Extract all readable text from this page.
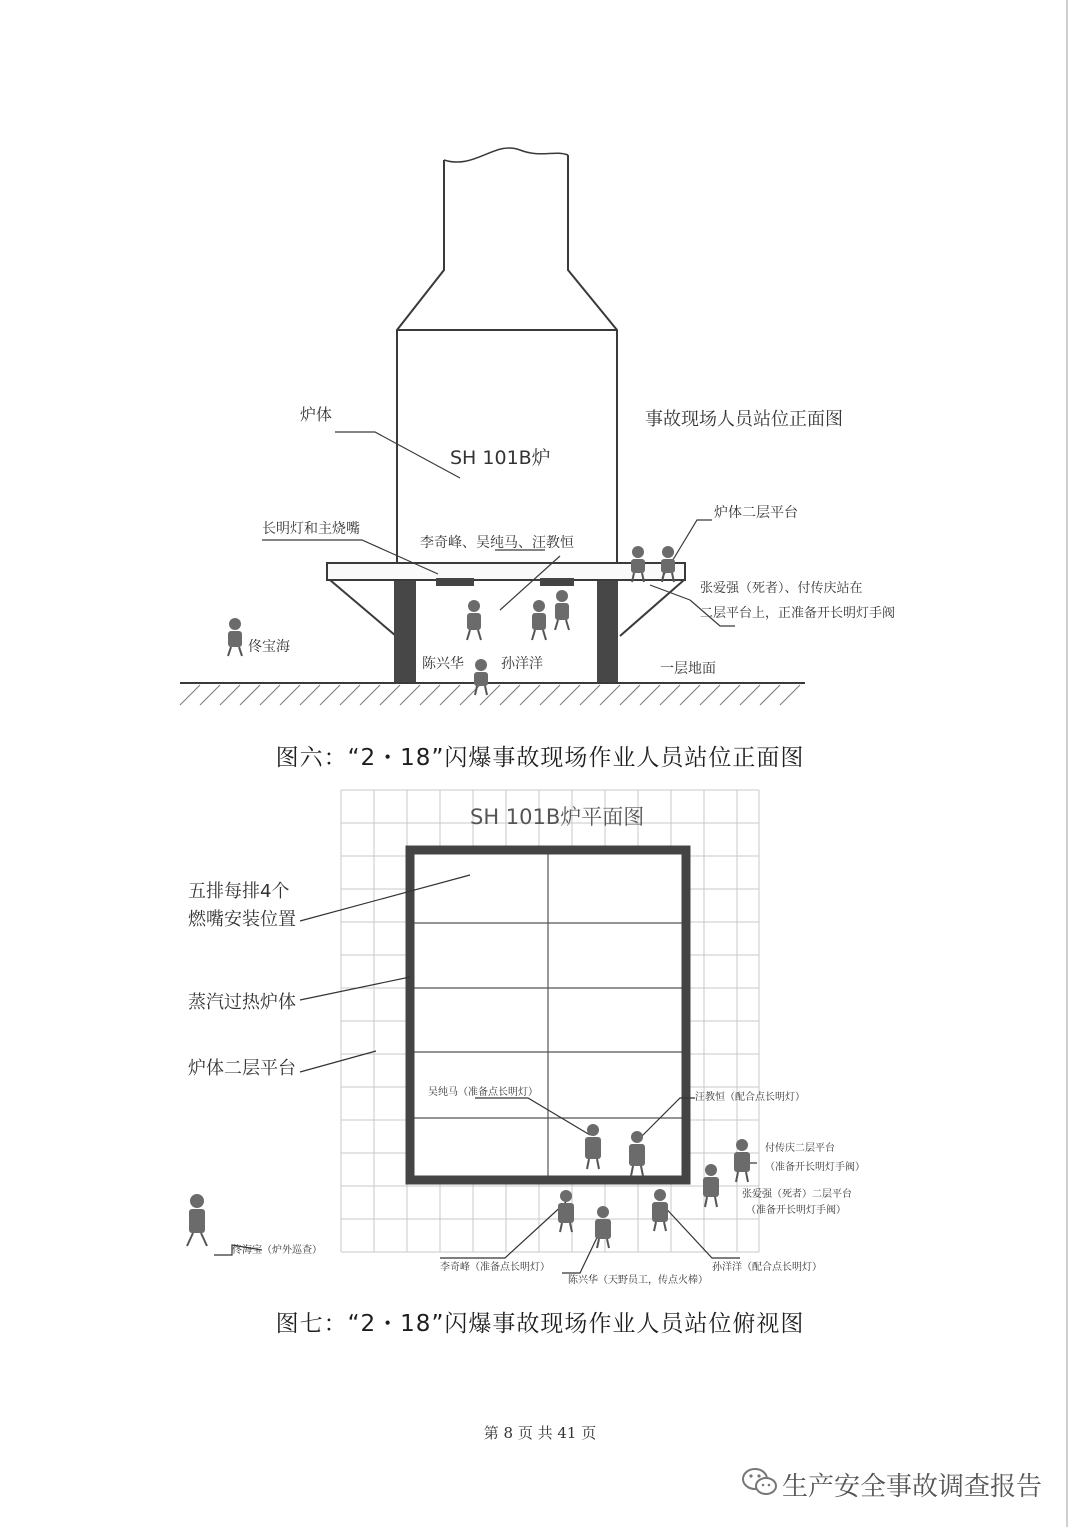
SH 101B炉
事故现场人员站位正面图
炉体
长明灯和主烧嘴
李奇峰、吴纯马、汪教恒
炉体二层平台
张爱强（死者）、付传庆站在
二层平台上，正准备开长明灯手阀
佟宝海
陈兴华	孙洋洋	一层地面
图六：“2・18”闪爆事故现场作业人员站位正面图
SH 101B炉平面图
五排每排4个
燃嘴安装位置
蒸汽过热炉体
炉体二层平台
吴纯马（准备点长明灯）	汪教恒（配合点长明灯）
付传庆二层平台
（准备开长明灯手阀）
张爱强（死者）二层平台
（准备开长明灯手阀）
佟海宝（炉外巡查）
李奇峰（准备点长明灯）
陈兴华（天野员工，传点火棒）
孙洋洋（配合点长明灯）
图七：“2・18”闪爆事故现场作业人员站位俯视图
第 8 页 共 41 页
生产安全事故调查报告
